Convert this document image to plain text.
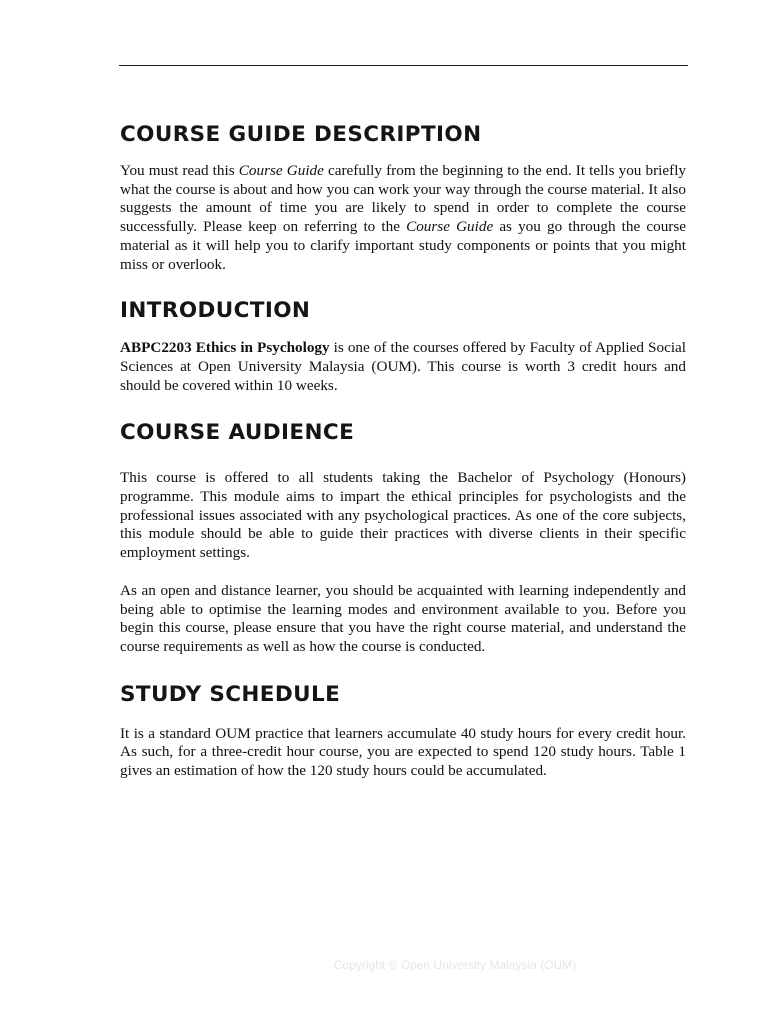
COURSE GUIDE DESCRIPTION

You must read this Course Guide carefully from the beginning to the end. It tells you briefly what the course is about and how you can work your way through the course material. It also suggests the amount of time you are likely to spend in order to complete the course successfully. Please keep on referring to the Course Guide as you go through the course material as it will help you to clarify important study components or points that you might miss or overlook.

INTRODUCTION

ABPC2203 Ethics in Psychology is one of the courses offered by Faculty of Applied Social Sciences at Open University Malaysia (OUM). This course is worth 3 credit hours and should be covered within 10 weeks.

COURSE AUDIENCE

This course is offered to all students taking the Bachelor of Psychology (Honours) programme. This module aims to impart the ethical principles for psychologists and the professional issues associated with any psychological practices. As one of the core subjects, this module should be able to guide their practices with diverse clients in their specific employment settings.

As an open and distance learner, you should be acquainted with learning independently and being able to optimise the learning modes and environment available to you. Before you begin this course, please ensure that you have the right course material, and understand the course requirements as well as how the course is conducted.

STUDY SCHEDULE

It is a standard OUM practice that learners accumulate 40 study hours for every credit hour. As such, for a three-credit hour course, you are expected to spend 120 study hours. Table 1 gives an estimation of how the 120 study hours could be accumulated.

Copyright © Open University Malaysia (OUM)
